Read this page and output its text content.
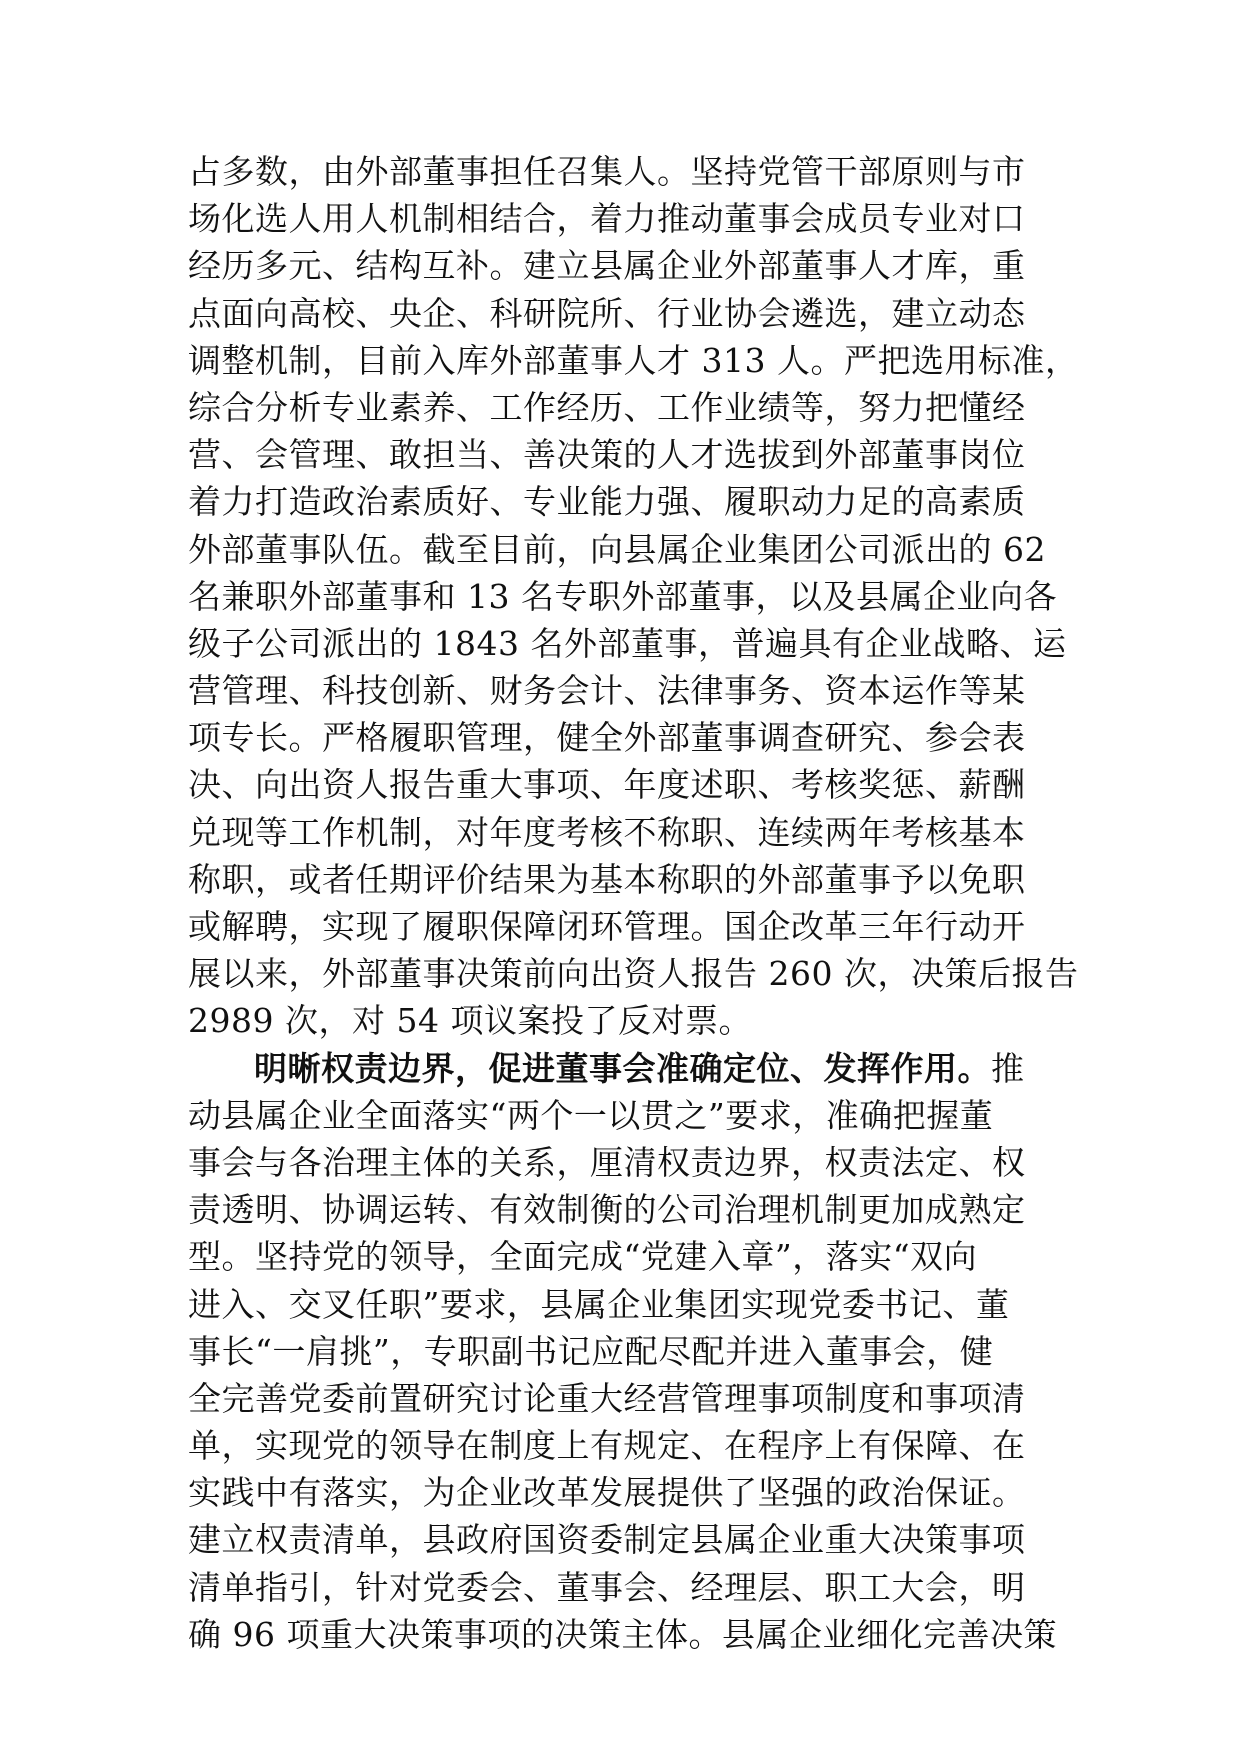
占多数，由外部董事担任召集人。坚持党管干部原则与市
场化选人用人机制相结合，着力推动董事会成员专业对口
经历多元、结构互补。建立县属企业外部董事人才库，重
点面向高校、央企、科研院所、行业协会遴选，建立动态
调整机制，目前入库外部董事人才 313 人。严把选用标准，
综合分析专业素养、工作经历、工作业绩等，努力把懂经
营、会管理、敢担当、善决策的人才选拔到外部董事岗位
着力打造政治素质好、专业能力强、履职动力足的高素质
外部董事队伍。截至目前，向县属企业集团公司派出的 62
名兼职外部董事和 13 名专职外部董事，以及县属企业向各
级子公司派出的 1843 名外部董事，普遍具有企业战略、运
营管理、科技创新、财务会计、法律事务、资本运作等某
项专长。严格履职管理，健全外部董事调查研究、参会表
决、向出资人报告重大事项、年度述职、考核奖惩、薪酬
兑现等工作机制，对年度考核不称职、连续两年考核基本
称职，或者任期评价结果为基本称职的外部董事予以免职
或解聘，实现了履职保障闭环管理。国企改革三年行动开
展以来，外部董事决策前向出资人报告 260 次，决策后报告
2989 次，对 54 项议案投了反对票。
明晰权责边界，促进董事会准确定位、发挥作用。推
动县属企业全面落实“两个一以贯之”要求，准确把握董
事会与各治理主体的关系，厘清权责边界，权责法定、权
责透明、协调运转、有效制衡的公司治理机制更加成熟定
型。坚持党的领导，全面完成“党建入章”，落实“双向
进入、交叉任职”要求，县属企业集团实现党委书记、董
事长“一肩挑”，专职副书记应配尽配并进入董事会，健
全完善党委前置研究讨论重大经营管理事项制度和事项清
单，实现党的领导在制度上有规定、在程序上有保障、在
实践中有落实，为企业改革发展提供了坚强的政治保证。
建立权责清单，县政府国资委制定县属企业重大决策事项
清单指引，针对党委会、董事会、经理层、职工大会，明
确 96 项重大决策事项的决策主体。县属企业细化完善决策
